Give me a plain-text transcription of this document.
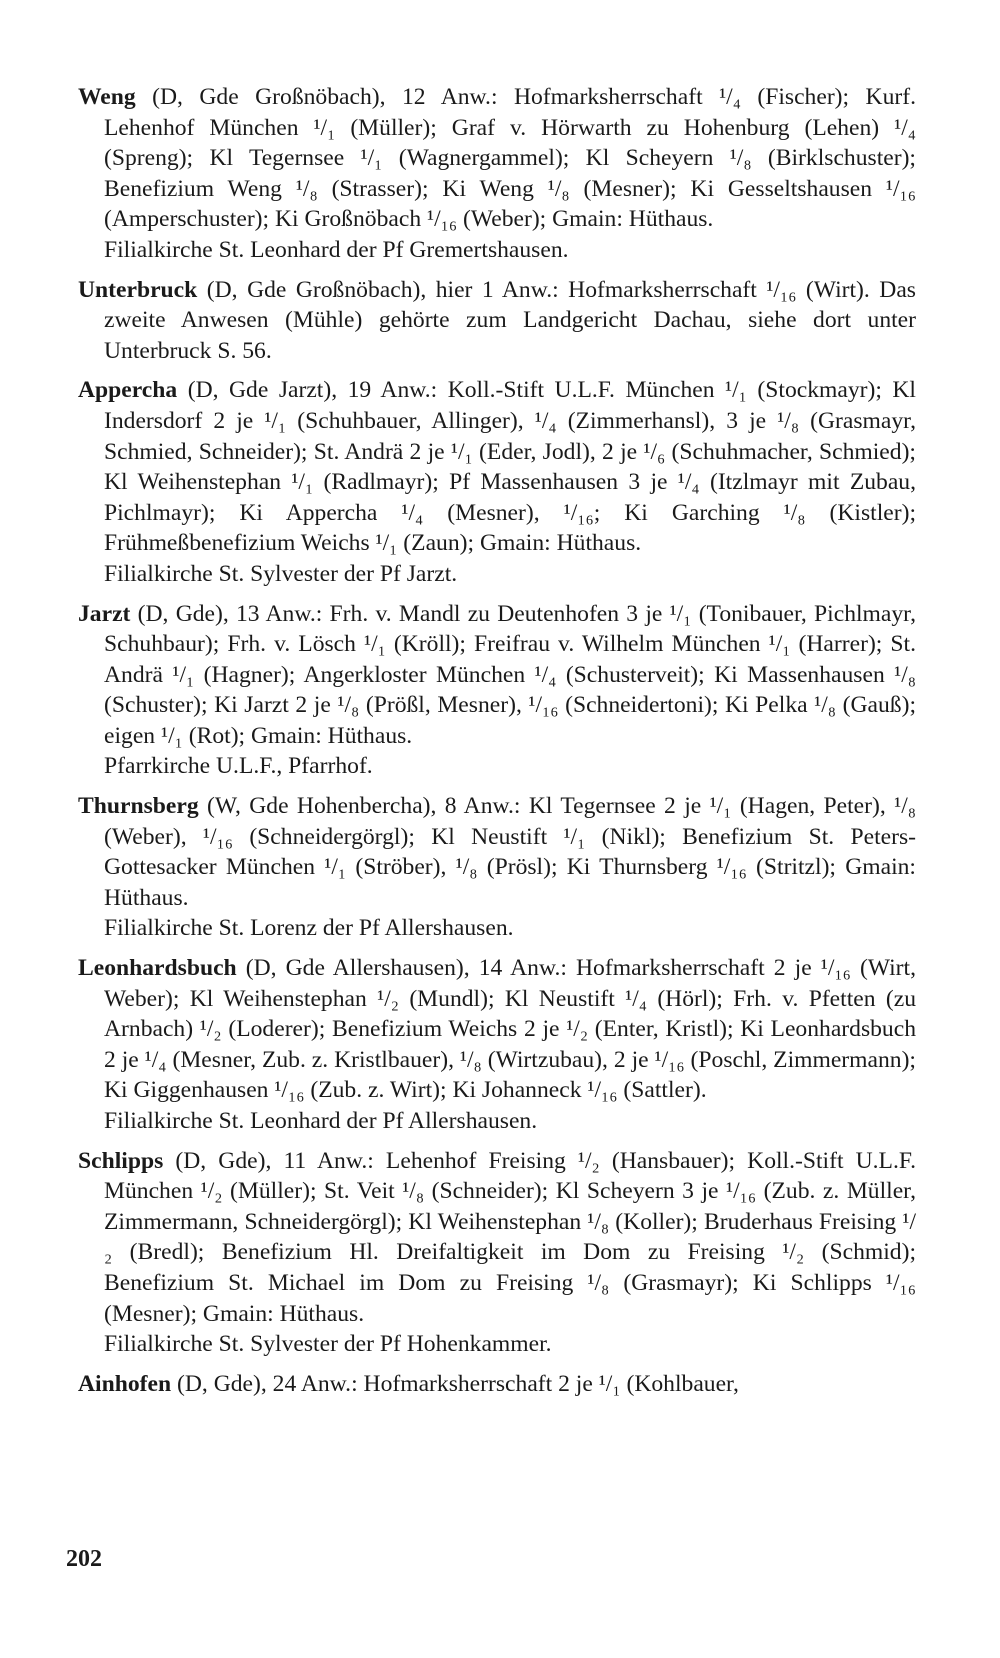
Weng (D, Gde Großnöbach), 12 Anw.: Hofmarksherrschaft ¹/₄ (Fischer); Kurf. Lehenhof München ¹/₁ (Müller); Graf v. Hörwarth zu Hohenburg (Lehen) ¹/₄ (Spreng); Kl Tegernsee ¹/₁ (Wagnergammel); Kl Scheyern ¹/₈ (Birklschuster); Benefizium Weng ¹/₈ (Strasser); Ki Weng ¹/₈ (Mesner); Ki Gesseltshausen ¹/₁₆ (Amperschuster); Ki Großnöbach ¹/₁₆ (Weber); Gmain: Hüthaus.
Filialkirche St. Leonhard der Pf Gremertshausen.
Unterbruck (D, Gde Großnöbach), hier 1 Anw.: Hofmarksherrschaft ¹/₁₆ (Wirt). Das zweite Anwesen (Mühle) gehörte zum Landgericht Dachau, siehe dort unter Unterbruck S. 56.
Appercha (D, Gde Jarzt), 19 Anw.: Koll.-Stift U.L.F. München ¹/₁ (Stockmayr); Kl Indersdorf 2 je ¹/₁ (Schuhbauer, Allinger), ¹/₄ (Zimmerhansl), 3 je ¹/₈ (Grasmayr, Schmied, Schneider); St. Andrä 2 je ¹/₁ (Eder, Jodl), 2 je ¹/₆ (Schuhmacher, Schmied); Kl Weihenstephan ¹/₁ (Radlmayr); Pf Massenhausen 3 je ¹/₄ (Itzlmayr mit Zubau, Pichlmayr); Ki Appercha ¹/₄ (Mesner), ¹/₁₆; Ki Garching ¹/₈ (Kistler); Frühmeßbenefizium Weichs ¹/₁ (Zaun); Gmain: Hüthaus.
Filialkirche St. Sylvester der Pf Jarzt.
Jarzt (D, Gde), 13 Anw.: Frh. v. Mandl zu Deutenhofen 3 je ¹/₁ (Tonibauer, Pichlmayr, Schuhbaur); Frh. v. Lösch ¹/₁ (Kröll); Freifrau v. Wilhelm München ¹/₁ (Harrer); St. Andrä ¹/₁ (Hagner); Angerkloster München ¹/₄ (Schusterveit); Ki Massenhausen ¹/₈ (Schuster); Ki Jarzt 2 je ¹/₈ (Prößl, Mesner), ¹/₁₆ (Schneidertoni); Ki Pelka ¹/₈ (Gauß); eigen ¹/₁ (Rot); Gmain: Hüthaus.
Pfarrkirche U.L.F., Pfarrhof.
Thurnsberg (W, Gde Hohenbercha), 8 Anw.: Kl Tegernsee 2 je ¹/₁ (Hagen, Peter), ¹/₈ (Weber), ¹/₁₆ (Schneidergörgl); Kl Neustift ¹/₁ (Nikl); Benefizium St. Peters-Gottesacker München ¹/₁ (Ströber), ¹/₈ (Prösl); Ki Thurnsberg ¹/₁₆ (Stritzl); Gmain: Hüthaus.
Filialkirche St. Lorenz der Pf Allershausen.
Leonhardsbuch (D, Gde Allershausen), 14 Anw.: Hofmarksherrschaft 2 je ¹/₁₆ (Wirt, Weber); Kl Weihenstephan ¹/₂ (Mundl); Kl Neustift ¹/₄ (Hörl); Frh. v. Pfetten (zu Arnbach) ¹/₂ (Loderer); Benefizium Weichs 2 je ¹/₂ (Enter, Kristl); Ki Leonhardsbuch 2 je ¹/₄ (Mesner, Zub. z. Kristlbauer), ¹/₈ (Wirtzubau), 2 je ¹/₁₆ (Poschl, Zimmermann); Ki Giggenhausen ¹/₁₆ (Zub. z. Wirt); Ki Johanneck ¹/₁₆ (Sattler).
Filialkirche St. Leonhard der Pf Allershausen.
Schlipps (D, Gde), 11 Anw.: Lehenhof Freising ¹/₂ (Hansbauer); Koll.-Stift U.L.F. München ¹/₂ (Müller); St. Veit ¹/₈ (Schneider); Kl Scheyern 3 je ¹/₁₆ (Zub. z. Müller, Zimmermann, Schneidergörgl); Kl Weihenstephan ¹/₈ (Koller); Bruderhaus Freising ¹/₂ (Bredl); Benefizium Hl. Dreifaltigkeit im Dom zu Freising ¹/₂ (Schmid); Benefizium St. Michael im Dom zu Freising ¹/₈ (Grasmayr); Ki Schlipps ¹/₁₆ (Mesner); Gmain: Hüthaus.
Filialkirche St. Sylvester der Pf Hohenkammer.
Ainhofen (D, Gde), 24 Anw.: Hofmarksherrschaft 2 je ¹/₁ (Kohlbauer,
202
